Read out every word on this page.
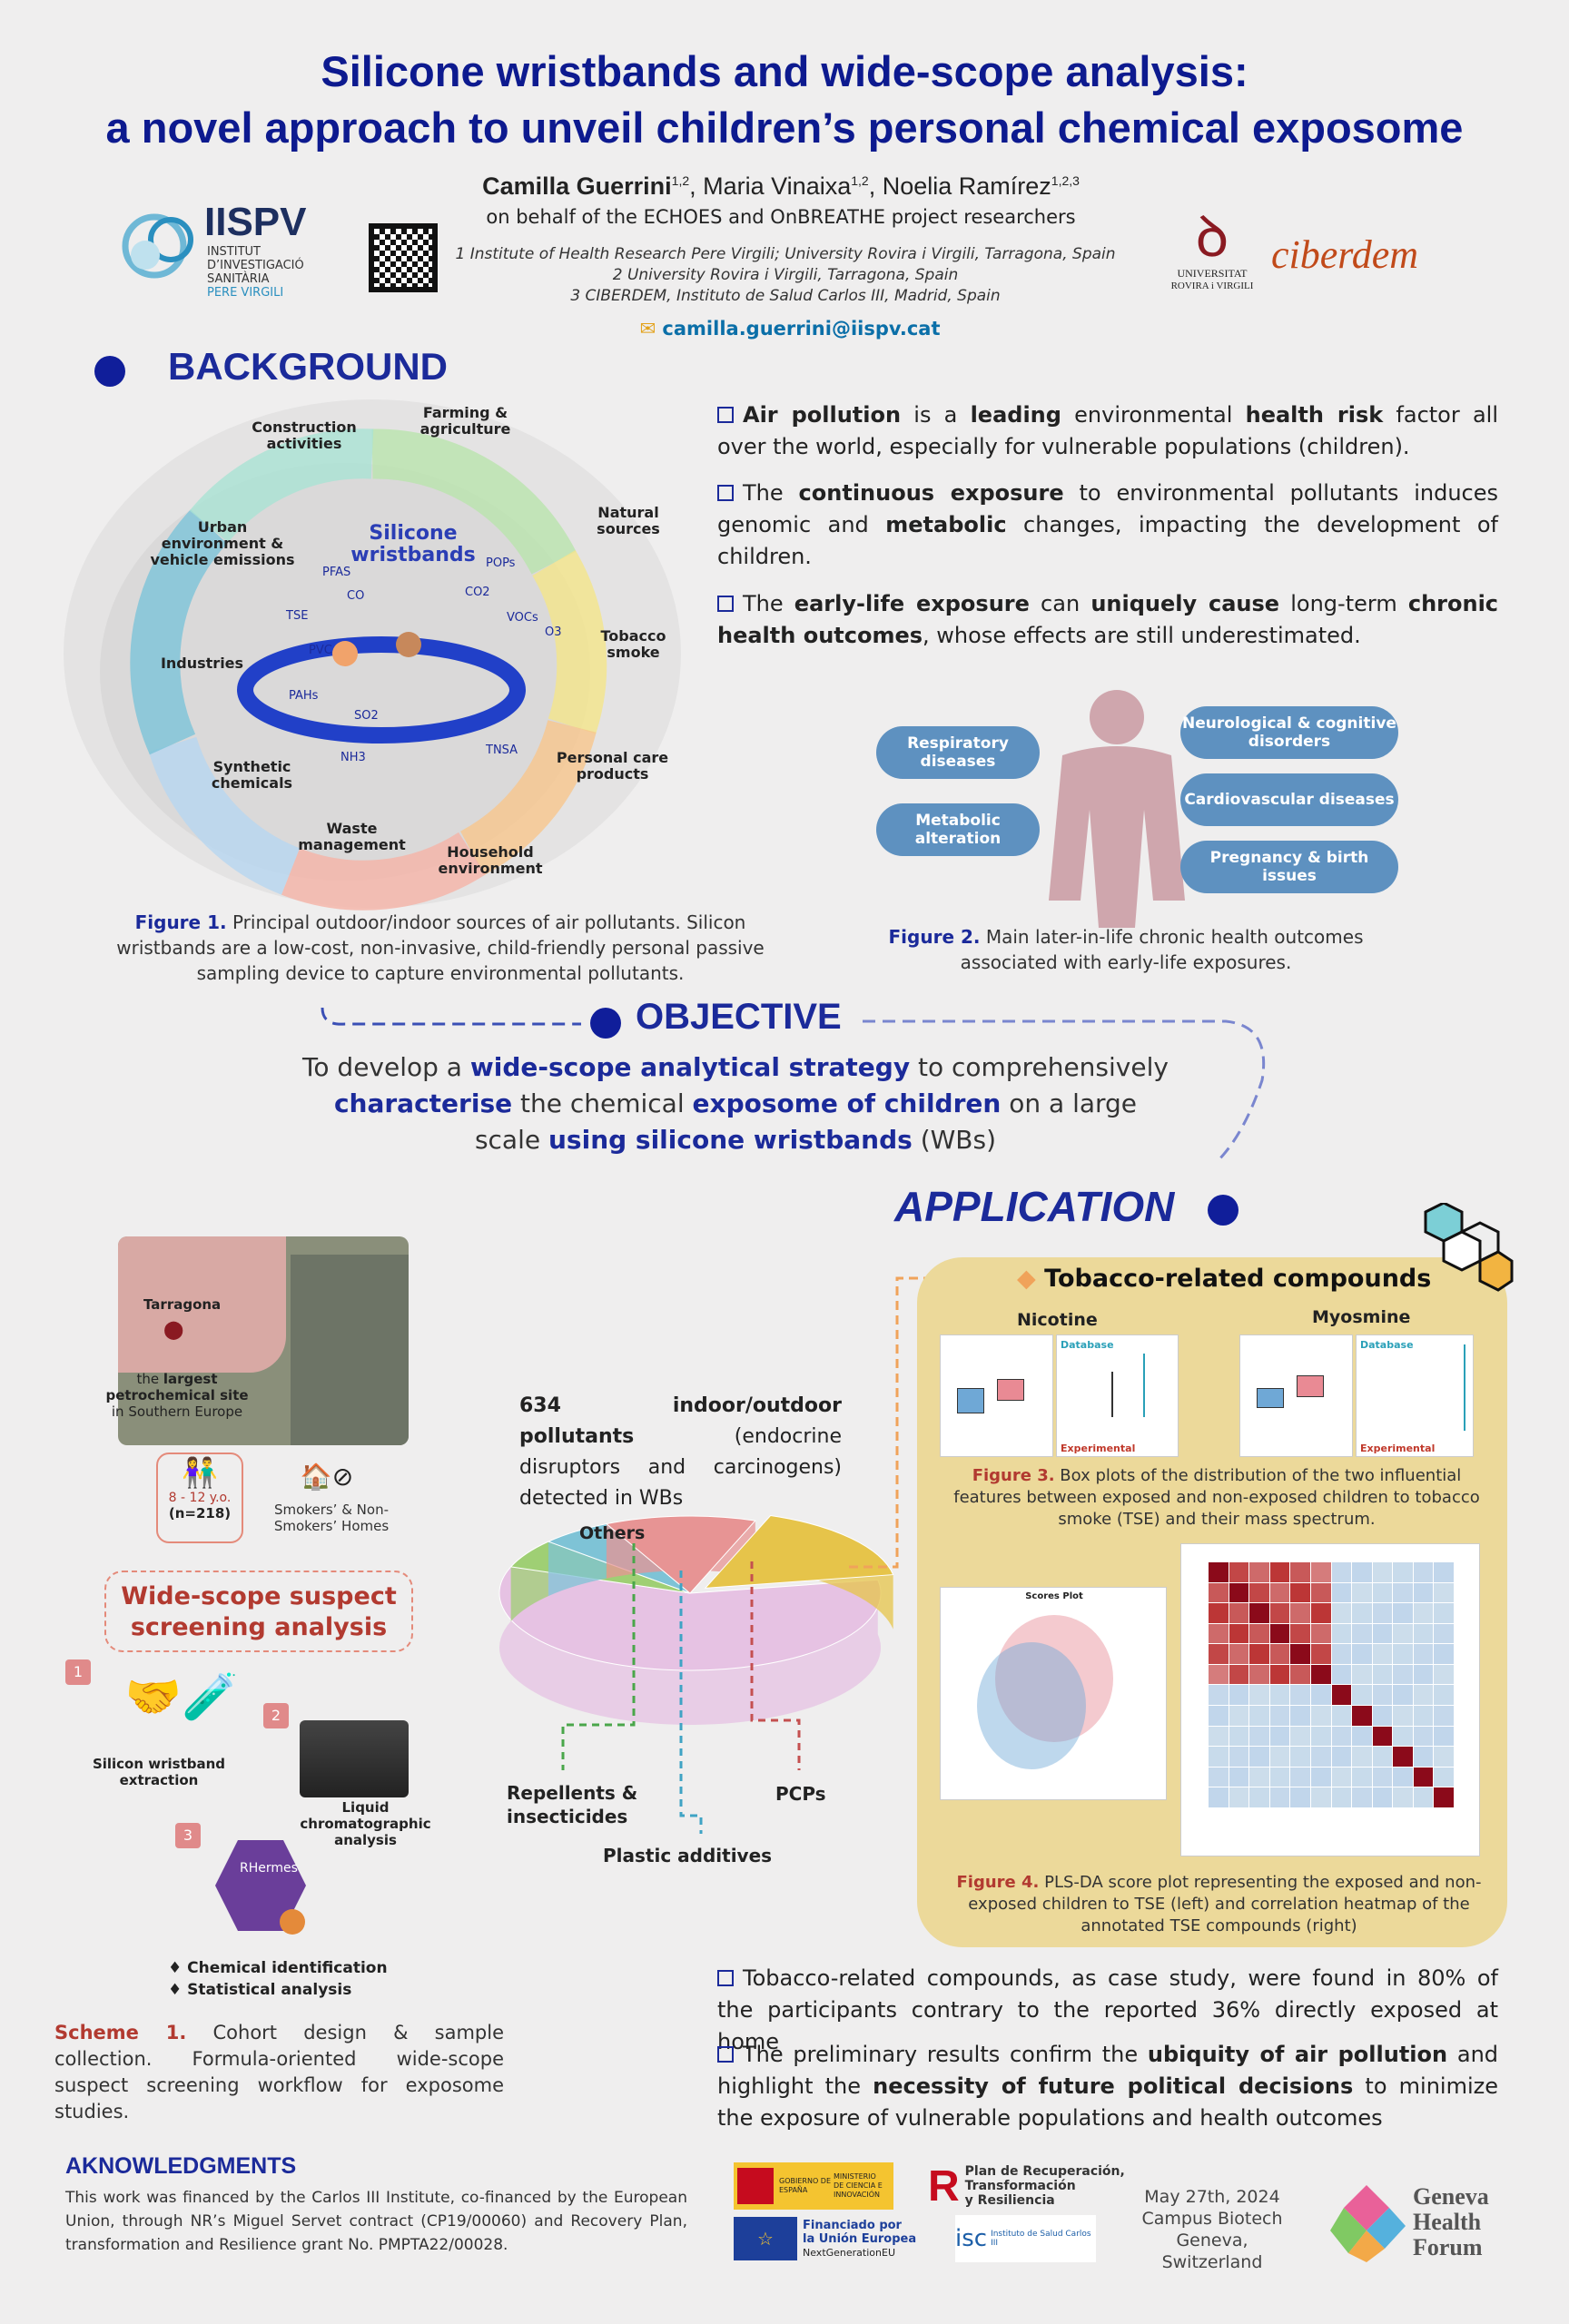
Silicone wristbands and wide-scope analysis:
a novel approach to unveil children’s personal chemical exposome
IISPV
INSTITUT
D’INVESTIGACIÓ
SANITÀRIA
PERE VIRGILI
Camilla Guerrini$^{1,2}$, Maria Vinaixa$^{1,2}$, Noelia Ramírez$^{1,2,3}$
on behalf of the ECHOES and OnBREATHE project researchers
1 Institute of Health Research Pere Virgili; University Rovira i Virgili, Tarragona, Spain
2 University Rovira i Virgili, Tarragona, Spain
3 CIBERDEM, Instituto de Salud Carlos III, Madrid, Spain
✉ camilla.guerrini@iispv.cat
ꝺ
UNIVERSITAT
ROVIRA i VIRGILI
ciberdem
BACKGROUND
PFAS
CO	CO2
POPs
VOCs
O3
TSE
PVC
PAHs
SO2
NH3
TNSA
Silicone wristbands
Construction activities
Farming & agriculture
Natural sources
Urban environment & vehicle emissions
Tobacco smoke
Industries
Personal care products
Synthetic chemicals
Waste management	Household environment
Figure 1. Principal outdoor/indoor sources of air pollutants. Silicon wristbands are a low-cost, non-invasive, child-friendly personal passive sampling device to capture environmental pollutants.
Air pollution is a leading environmental health risk factor all over the world, especially for vulnerable populations (children).
The continuous exposure to environmental pollutants induces genomic and metabolic changes, impacting the development of children.
The early-life exposure can uniquely cause long-term chronic health outcomes, whose effects are still underestimated.
Respiratory diseases
Metabolic alteration
Neurological & cognitive disorders
Cardiovascular diseases
Pregnancy & birth issues
Figure 2. Main later-in-life chronic health outcomes associated with early-life exposures.
OBJECTIVE
To develop a wide-scope analytical strategy to comprehensively
characterise the chemical exposome of children on a large
scale using silicone wristbands (WBs)
APPLICATION
Tarragona
⬤
the largest petrochemical site in Southern Europe
👫
8 - 12 y.o.
(n=218)
🏠⊘
Smokers’ & Non-Smokers’ Homes
Wide-scope suspect screening analysis
1 🤝🧪
Silicon wristband extraction
2
Liquid chromatographic analysis
3
RHermes
♦ Chemical identification
♦ Statistical analysis
Scheme 1. Cohort design & sample collection. Formula-oriented wide-scope suspect screening workflow for exposome studies.
634 indoor/outdoor pollutants	(endocrine disruptors and carcinogens) detected in WBs
Others
Repellents & insecticides
Plastic additives
PCPs
◆ Tobacco-related compounds
Nicotine	Myosmine
Database
Experimental
Database
Experimental
Figure 3. Box plots of the distribution of the two influential features between exposed and non-exposed children to tobacco smoke (TSE) and their mass spectrum.
Scores Plot
Figure 4. PLS-DA score plot representing the exposed and non-exposed children to TSE (left) and correlation heatmap of the annotated TSE compounds (right)
Tobacco-related compounds, as case study, were found in 80% of the participants contrary to the reported 36% directly exposed at home
The preliminary results confirm the ubiquity of air pollution and highlight the necessity of future political decisions to minimize the exposure of vulnerable populations and health outcomes
AKNOWLEDGMENTS
This work was financed by the Carlos III Institute, co-financed by the European Union, through NR’s Miguel Servet contract (CP19/00060) and Recovery Plan, transformation and Resilience grant No. PMPTA22/00028.
GOBIERNO DE ESPAÑA
MINISTERIO DE CIENCIA E INNOVACIÓN
☆
Financiado por
la Unión Europea
NextGenerationEU
R Plan de Recuperación,
Transformación
y Resiliencia
isc Instituto de Salud Carlos III
May 27th, 2024
Campus Biotech
Geneva, Switzerland
Geneva
Health
Forum
